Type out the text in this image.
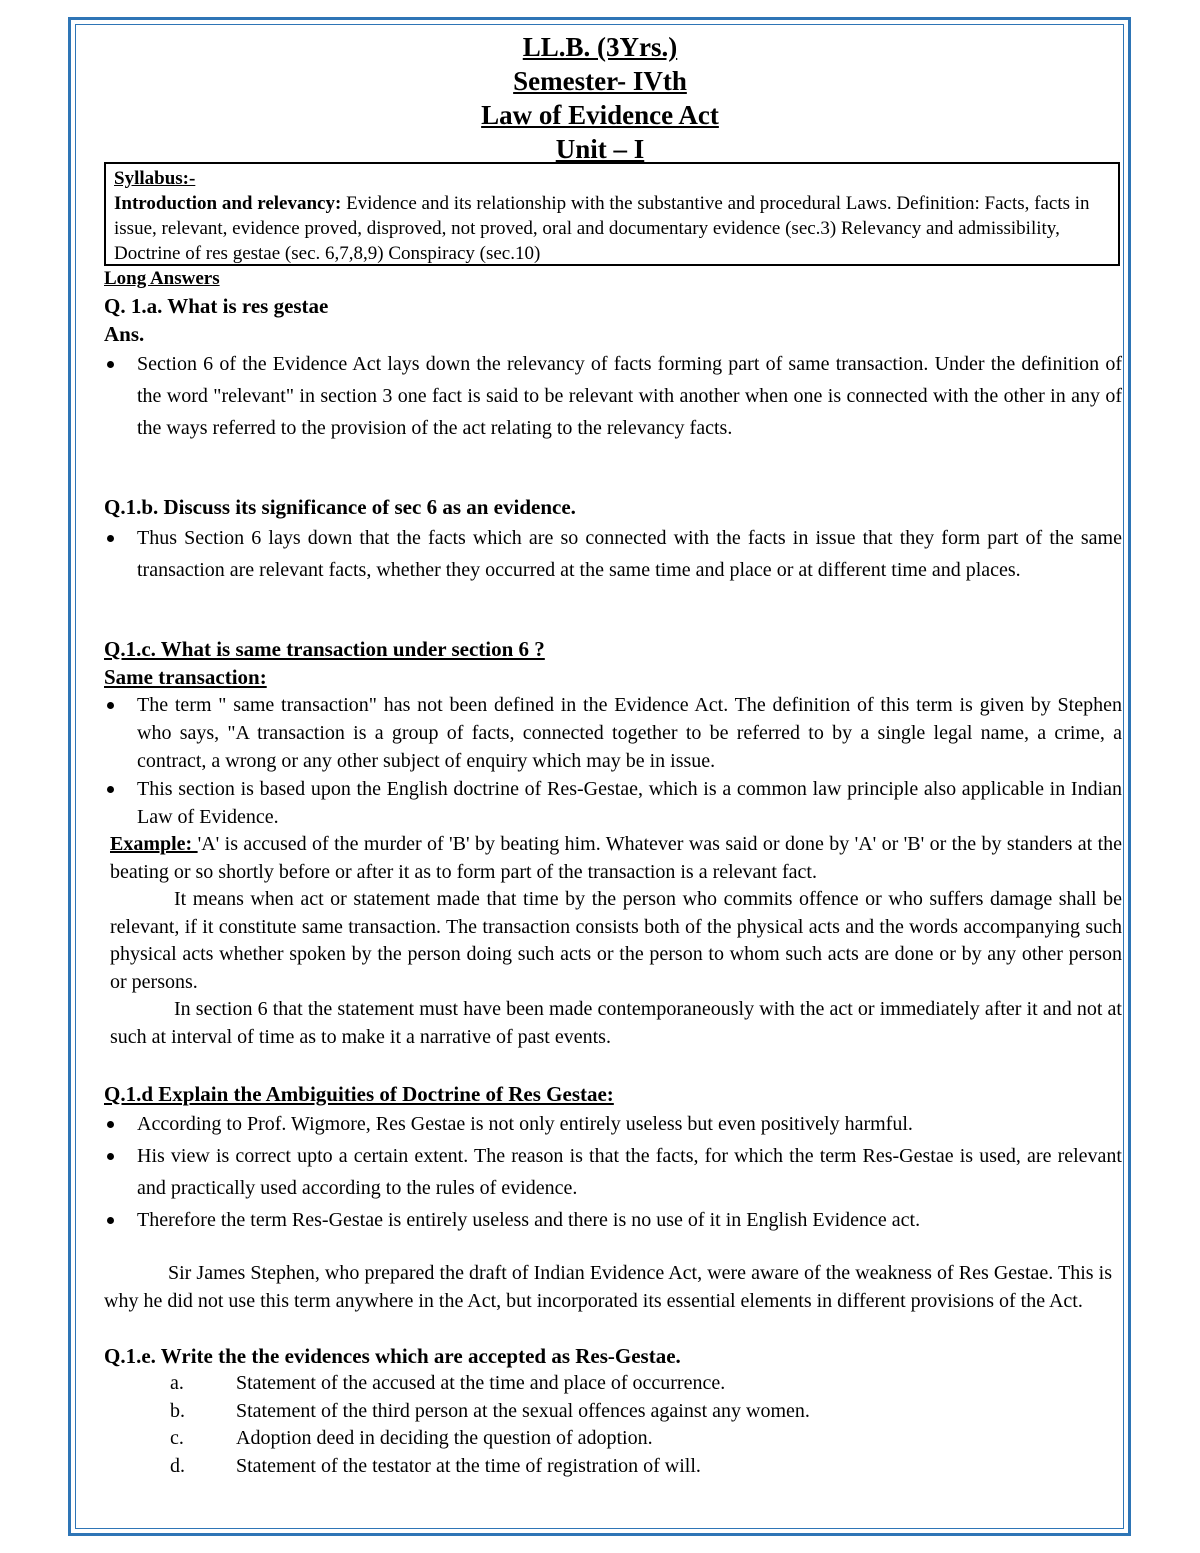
LL.B. (3Yrs.)
Semester- IVth
Law of Evidence Act
Unit – I
Syllabus:-
Introduction and relevancy: Evidence and its relationship with the substantive and procedural Laws. Definition: Facts, facts in issue, relevant, evidence proved, disproved, not proved, oral and documentary evidence (sec.3) Relevancy and admissibility, Doctrine of res gestae (sec. 6,7,8,9) Conspiracy (sec.10)
Long Answers
Q. 1.a. What is res gestae
Ans.
Section 6 of the Evidence Act lays down the relevancy of facts forming part of same transaction. Under the definition of the word "relevant" in section 3 one fact is said to be relevant with another when one is connected with the other in any of the ways referred to the provision of the act relating to the relevancy facts.
Q.1.b. Discuss its significance of sec 6 as an evidence.
Thus Section 6 lays down that the facts which are so connected with the facts in issue that they form part of the same transaction are relevant facts, whether they occurred at the same time and place or at different time and places.
Q.1.c. What is same transaction under section 6 ?
Same transaction:
The term " same transaction" has not been defined in the Evidence Act. The definition of this term is given by Stephen who says, "A transaction is a group of facts, connected together to be referred to by a single legal name, a crime, a contract, a wrong or any other subject of enquiry which may be in issue.
This section is based upon the English doctrine of Res-Gestae, which is a common law principle also applicable in Indian Law of Evidence.
Example: 'A' is accused of the murder of 'B' by beating him. Whatever was said or done by 'A' or 'B' or the by standers at the beating or so shortly before or after it as to form part of the transaction is a relevant fact.
It means when act or statement made that time by the person who commits offence or who suffers damage shall be relevant, if it constitute same transaction. The transaction consists both of the physical acts and the words accompanying such physical acts whether spoken by the person doing such acts or the person to whom such acts are done or by any other person or persons.
In section 6 that the statement must have been made contemporaneously with the act or immediately after it and not at such at interval of time as to make it a narrative of past events.
Q.1.d Explain the Ambiguities of Doctrine of Res Gestae:
According to Prof. Wigmore, Res Gestae is not only entirely useless but even positively harmful.
His view is correct upto a certain extent. The reason is that the facts, for which the term Res-Gestae is used, are relevant and practically used according to the rules of evidence.
Therefore the term Res-Gestae is entirely useless and there is no use of it in English Evidence act.
Sir James Stephen, who prepared the draft of Indian Evidence Act, were aware of the weakness of Res Gestae. This is why he did not use this term anywhere in the Act, but incorporated its essential elements in different provisions of the Act.
Q.1.e. Write the the evidences which are accepted as Res-Gestae.
a.	Statement of the accused at the time and place of occurrence.
b.	Statement of the third person at the sexual offences against any women.
c.	Adoption deed in deciding the question of adoption.
d.	Statement of the testator at the time of registration of will.
